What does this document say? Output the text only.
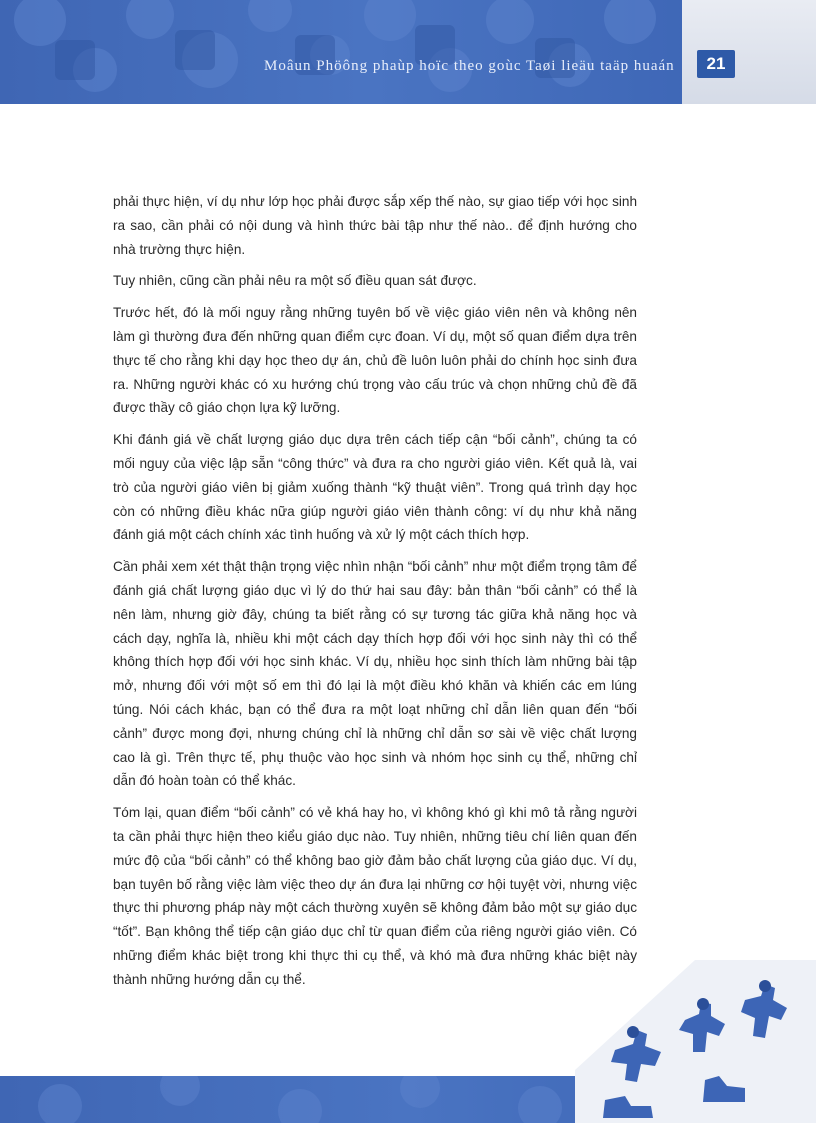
Moâun Phöông phaùp hoïc theo goùc Taøi lieäu taäp huaán	21

phải thực hiện, ví dụ như lớp học phải được sắp xếp thế nào, sự giao tiếp với học sinh ra sao, cần phải có nội dung và hình thức bài tập như thế nào.. để định hướng cho nhà trường thực hiện.

Tuy nhiên, cũng cần phải nêu ra một số điều quan sát được.

Trước hết, đó là mối nguy rằng những tuyên bố về việc giáo viên nên và không nên làm gì thường đưa đến những quan điểm cực đoan. Ví dụ, một số quan điểm dựa trên thực tế cho rằng khi dạy học theo dự án, chủ đề luôn luôn phải do chính học sinh đưa ra. Những người khác có xu hướng chú trọng vào cấu trúc và chọn những chủ đề đã được thầy cô giáo chọn lựa kỹ lưỡng.

Khi đánh giá về chất lượng giáo dục dựa trên cách tiếp cận “bối cảnh”, chúng ta có mối nguy của việc lập sẵn “công thức” và đưa ra cho người giáo viên. Kết quả là, vai trò của người giáo viên bị giảm xuống thành “kỹ thuật viên”. Trong quá trình dạy học còn có những điều khác nữa giúp người giáo viên thành công: ví dụ như khả năng đánh giá một cách chính xác tình huống và xử lý một cách thích hợp.

Cần phải xem xét thật thận trọng việc nhìn nhận “bối cảnh” như một điểm trọng tâm để đánh giá chất lượng giáo dục vì lý do thứ hai sau đây: bản thân “bối cảnh” có thể là nên làm, nhưng giờ đây, chúng ta biết rằng có sự tương tác giữa khả năng học và cách dạy, nghĩa là, nhiều khi một cách dạy thích hợp đối với học sinh này thì có thể không thích hợp đối với học sinh khác. Ví dụ, nhiều học sinh thích làm những bài tập mở, nhưng đối với một số em thì đó lại là một điều khó khăn và khiến các em lúng túng. Nói cách khác, bạn có thể đưa ra một loạt những chỉ dẫn liên quan đến “bối cảnh” được mong đợi, nhưng chúng chỉ là những chỉ dẫn sơ sài về việc chất lượng cao là gì. Trên thực tế, phụ thuộc vào học sinh và nhóm học sinh cụ thể, những chỉ dẫn đó hoàn toàn có thể khác.

Tóm lại, quan điểm “bối cảnh” có vẻ khá hay ho, vì không khó gì khi mô tả rằng người ta cần phải thực hiện theo kiểu giáo dục nào. Tuy nhiên, những tiêu chí liên quan đến mức độ của “bối cảnh” có thể không bao giờ đảm bảo chất lượng của giáo dục. Ví dụ, bạn tuyên bố rằng việc làm việc theo dự án đưa lại những cơ hội tuyệt vời, nhưng việc thực thi phương pháp này một cách thường xuyên sẽ không đảm bảo một sự giáo dục “tốt”. Bạn không thể tiếp cận giáo dục chỉ từ quan điểm của riêng người giáo viên. Có những điểm khác biệt trong khi thực thi cụ thể, và khó mà đưa những khác biệt này thành những hướng dẫn cụ thể.
